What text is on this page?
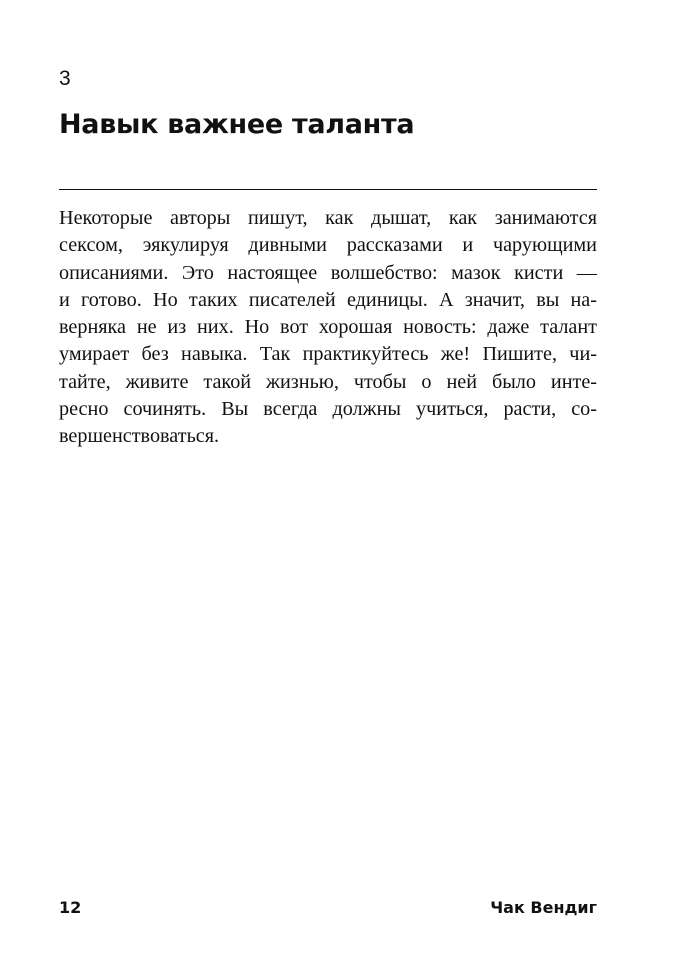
3
Навык важнее таланта
Некоторые авторы пишут, как дышат, как занимаются
сексом, эякулируя дивными рассказами и чарующими
описаниями. Это настоящее волшебство: мазок кисти —
и готово. Но таких писателей единицы. А значит, вы на-
верняка не из них. Но вот хорошая новость: даже талант
умирает без навыка. Так практикуйтесь же! Пишите, чи-
тайте, живите такой жизнью, чтобы о ней было инте-
ресно сочинять. Вы всегда должны учиться, расти, со-
вершенствоваться.
12	Чак Вендиг
